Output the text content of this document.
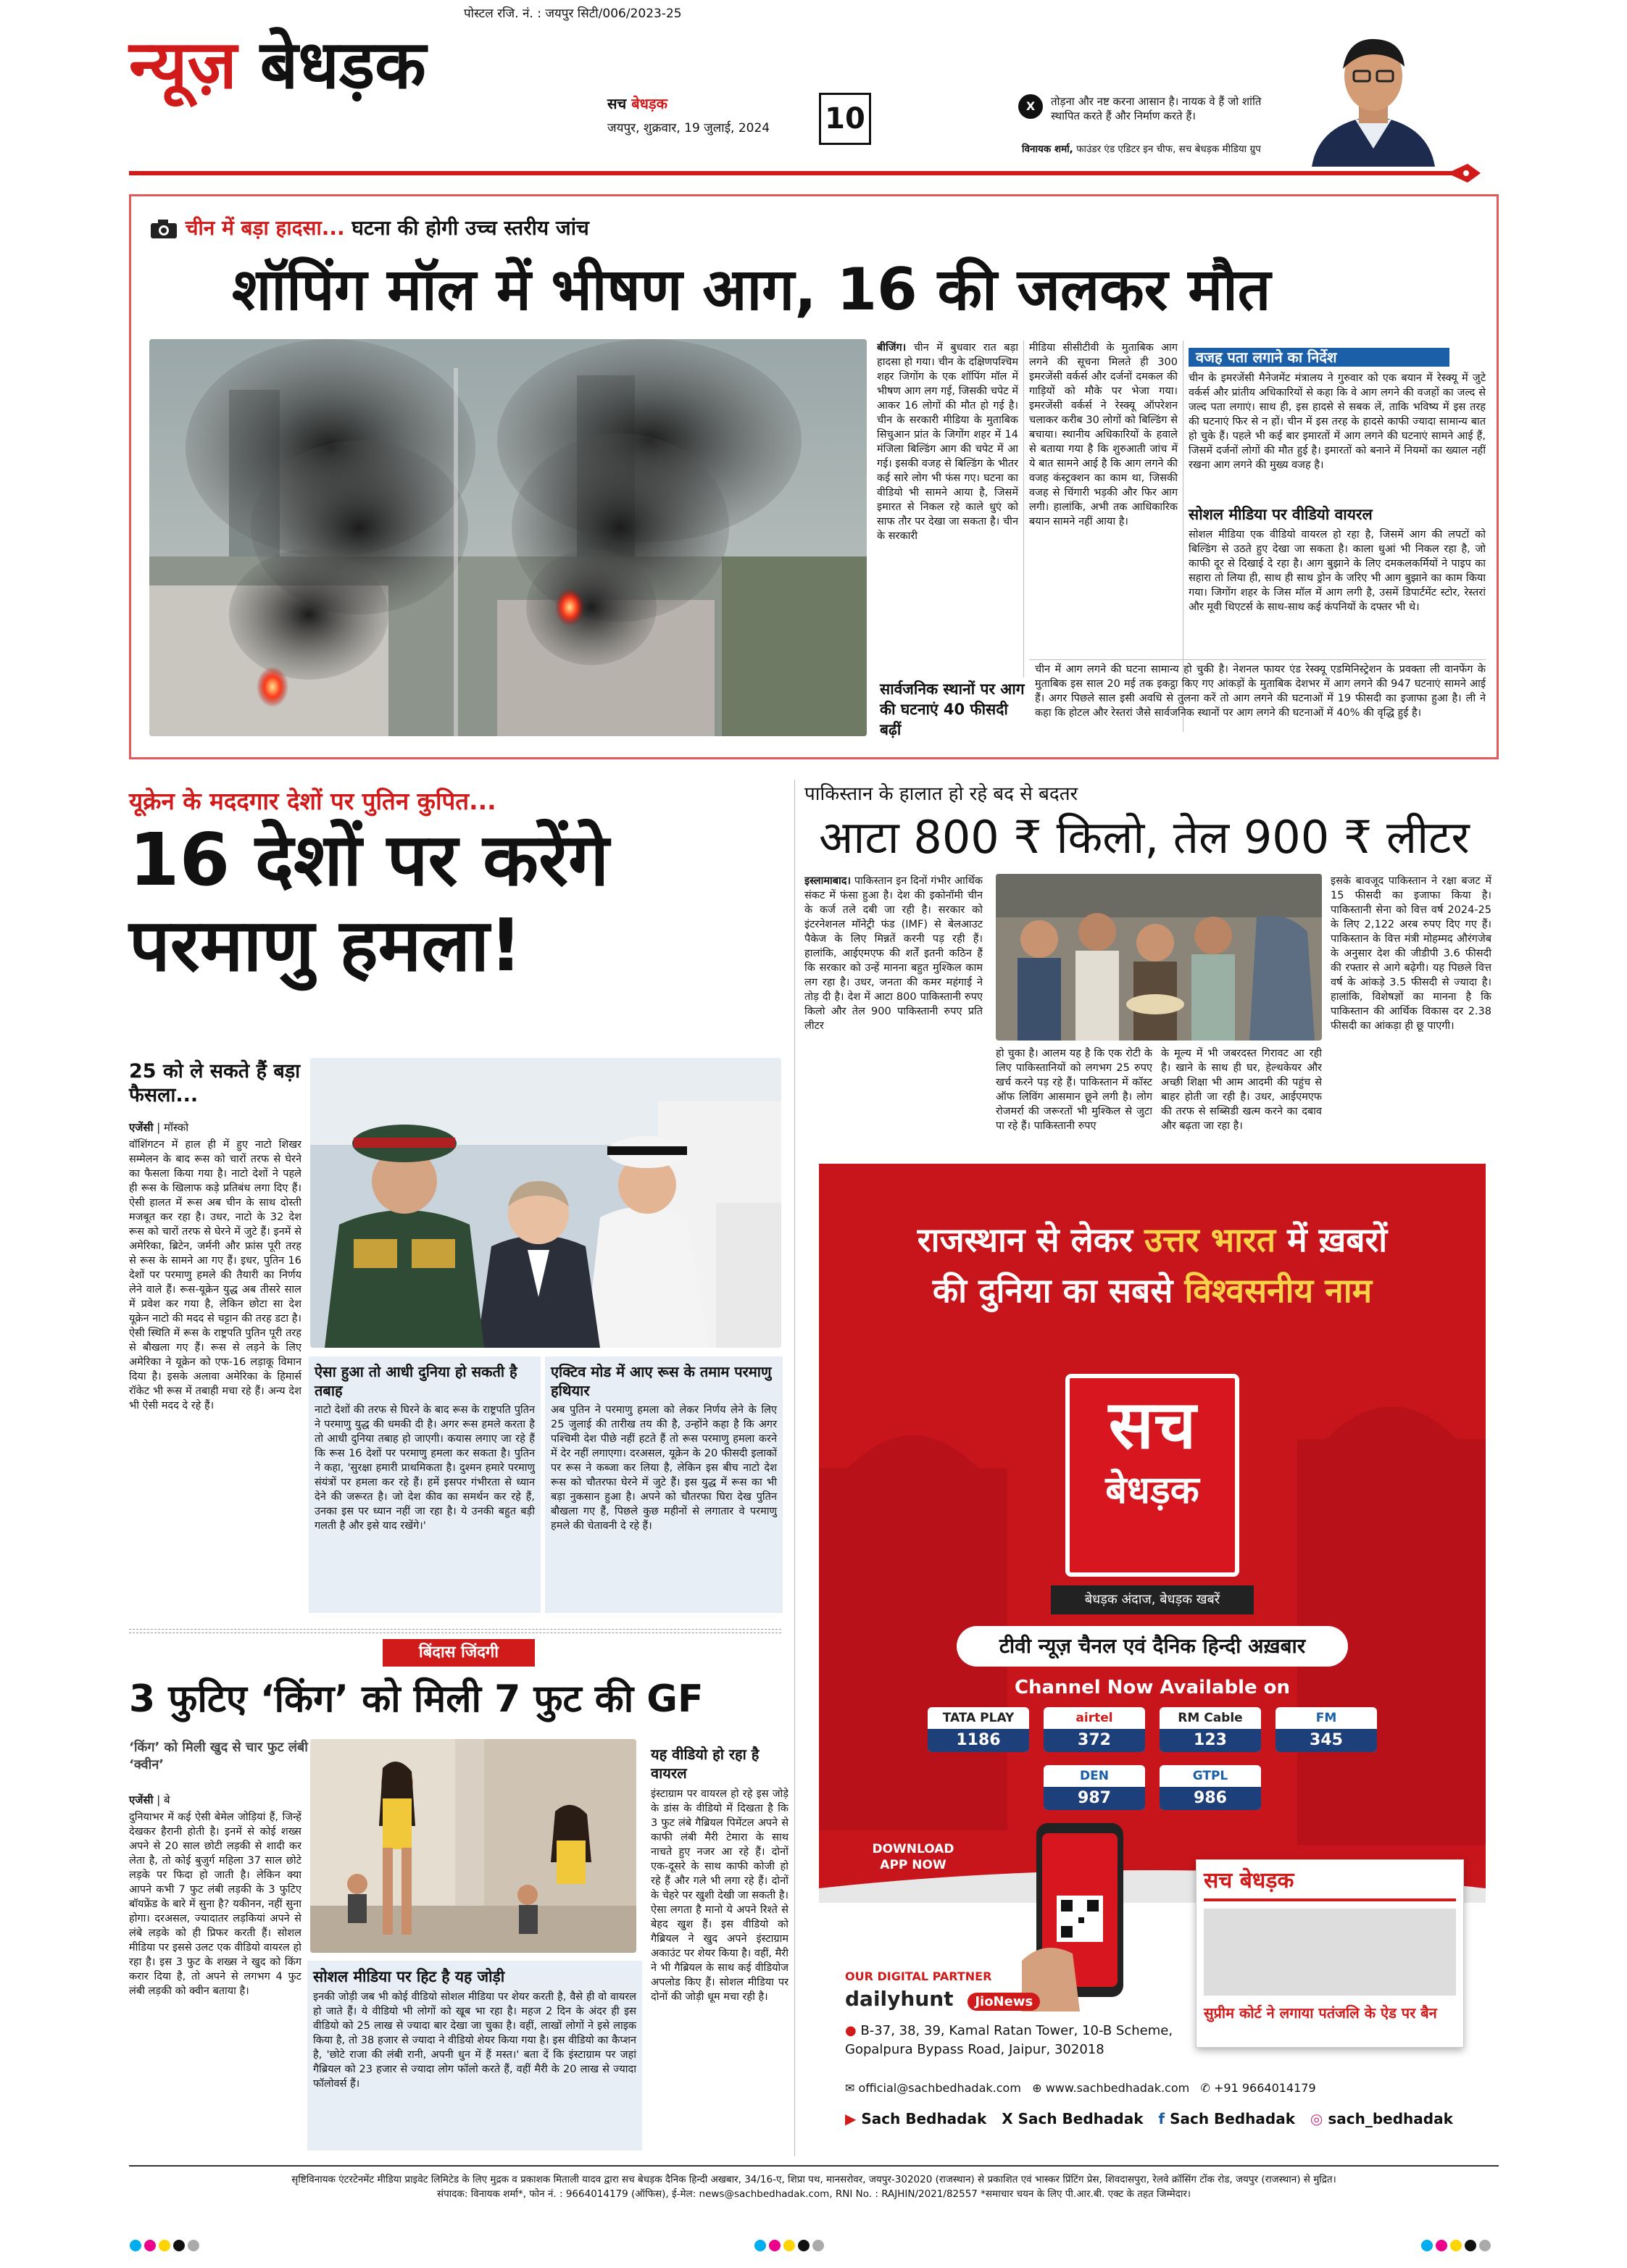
पोस्टल रजि. नं. : जयपुर सिटी/006/2023-25
न्यूज़ बेधड़क	सच बेधड़क
जयपुर, शुक्रवार, 19 जुलाई, 2024	10	X	तोड़ना और नष्ट करना आसान है। नायक वे हैं जो शांति स्थापित करते हैं और निर्माण करते हैं।
विनायक शर्मा, फाउंडर एंड एडिटर इन चीफ, सच बेधड़क मीडिया ग्रुप
चीन में बड़ा हादसा... घटना की होगी उच्च स्तरीय जांच
शॉपिंग मॉल में भीषण आग, 16 की जलकर मौत
बीजिंग। चीन में बुधवार रात बड़ा हादसा हो गया। चीन के दक्षिणपश्चिम शहर जिगोंग के एक शॉपिंग मॉल में भीषण आग लग गई, जिसकी चपेट में आकर 16 लोगों की मौत हो गई है। चीन के सरकारी मीडिया के मुताबिक सिचुआन प्रांत के जिगोंग शहर में 14 मंजिला बिल्डिंग आग की चपेट में आ गई। इसकी वजह से बिल्डिंग के भीतर कई सारे लोग भी फंस गए। घटना का वीडियो भी सामने आया है, जिसमें इमारत से निकल रहे काले धुएं को साफ तौर पर देखा जा सकता है। चीन के सरकारी
मीडिया सीसीटीवी के मुताबिक आग लगने की सूचना मिलते ही 300 इमरजेंसी वर्कर्स और दर्जनों दमकल की गाड़ियों को मौके पर भेजा गया। इमरजेंसी वर्कर्स ने रेस्क्यू ऑपरेशन चलाकर करीब 30 लोगों को बिल्डिंग से बचाया। स्थानीय अधिकारियों के हवाले से बताया गया है कि शुरुआती जांच में ये बात सामने आई है कि आग लगने की वजह कंस्ट्रक्शन का काम था, जिसकी वजह से चिंगारी भड़की और फिर आग लगी। हालांकि, अभी तक आधिकारिक बयान सामने नहीं आया है।
वजह पता लगाने का निर्देश
चीन के इमरजेंसी मैनेजमेंट मंत्रालय ने गुरुवार को एक बयान में रेस्क्यू में जुटे वर्कर्स और प्रांतीय अधिकारियों से कहा कि वे आग लगने की वजहों का जल्द से जल्द पता लगाएं। साथ ही, इस हादसे से सबक लें, ताकि भविष्य में इस तरह की घटनाएं फिर से न हों। चीन में इस तरह के हादसे काफी ज्यादा सामान्य बात हो चुके हैं। पहले भी कई बार इमारतों में आग लगने की घटनाएं सामने आई हैं, जिसमें दर्जनों लोगों की मौत हुई है। इमारतों को बनाने में नियमों का ख्याल नहीं रखना आग लगने की मुख्य वजह है।
सोशल मीडिया पर वीडियो वायरल
सोशल मीडिया एक वीडियो वायरल हो रहा है, जिसमें आग की लपटों को बिल्डिंग से उठते हुए देखा जा सकता है। काला धुआं भी निकल रहा है, जो काफी दूर से दिखाई दे रहा है। आग बुझाने के लिए दमकलकर्मियों ने पाइप का सहारा तो लिया ही, साथ ही साथ ड्रोन के जरिए भी आग बुझाने का काम किया गया। जिगोंग शहर के जिस मॉल में आग लगी है, उसमें डिपार्टमेंट स्टोर, रेस्तरां और मूवी थिएटर्स के साथ-साथ कई कंपनियों के दफ्तर भी थे।
सार्वजनिक स्थानों पर आग की घटनाएं 40 फीसदी बढ़ीं
चीन में आग लगने की घटना सामान्य हो चुकी है। नेशनल फायर एंड रेस्क्यू एडमिनिस्ट्रेशन के प्रवक्ता ली वानफेंग के मुताबिक इस साल 20 मई तक इकट्ठा किए गए आंकड़ों के मुताबिक देशभर में आग लगने की 947 घटनाएं सामने आई हैं। अगर पिछले साल इसी अवधि से तुलना करें तो आग लगने की घटनाओं में 19 फीसदी का इजाफा हुआ है। ली ने कहा कि होटल और रेस्तरां जैसे सार्वजनिक स्थानों पर आग लगने की घटनाओं में 40% की वृद्धि हुई है।
यूक्रेन के मददगार देशों पर पुतिन कुपित...
16 देशों पर करेंगे
परमाणु हमला!
25 को ले सकते हैं बड़ा फैसला...
एजेंसी | मॉस्को
वॉशिंगटन में हाल ही में हुए नाटो शिखर सम्मेलन के बाद रूस को चारों तरफ से घेरने का फैसला किया गया है। नाटो देशों ने पहले ही रूस के खिलाफ कड़े प्रतिबंध लगा दिए हैं। ऐसी हालत में रूस अब चीन के साथ दोस्ती मजबूत कर रहा है। उधर, नाटो के 32 देश रूस को चारों तरफ से घेरने में जुटे हैं। इनमें से अमेरिका, ब्रिटेन, जर्मनी और फ्रांस पूरी तरह से रूस के सामने आ गए हैं। इधर, पुतिन 16 देशों पर परमाणु हमले की तैयारी का निर्णय लेने वाले हैं। रूस-यूक्रेन युद्ध अब तीसरे साल में प्रवेश कर गया है, लेकिन छोटा सा देश यूक्रेन नाटो की मदद से चट्टान की तरह डटा है। ऐसी स्थिति में रूस के राष्ट्रपति पुतिन पूरी तरह से बौखला गए हैं। रूस से लड़ने के लिए अमेरिका ने यूक्रेन को एफ-16 लड़ाकू विमान दिया है। इसके अलावा अमेरिका के हिमार्स रॉकेट भी रूस में तबाही मचा रहे हैं। अन्य देश भी ऐसी मदद दे रहे हैं।
ऐसा हुआ तो आधी दुनिया हो सकती है तबाह
नाटो देशों की तरफ से घिरने के बाद रूस के राष्ट्रपति पुतिन ने परमाणु युद्ध की धमकी दी है। अगर रूस हमले करता है तो आधी दुनिया तबाह हो जाएगी। कयास लगाए जा रहे हैं कि रूस 16 देशों पर परमाणु हमला कर सकता है। पुतिन ने कहा, 'सुरक्षा हमारी प्राथमिकता है। दुश्मन हमारे परमाणु संयंत्रों पर हमला कर रहे हैं। हमें इसपर गंभीरता से ध्यान देने की जरूरत है। जो देश कीव का समर्थन कर रहे हैं, उनका इस पर ध्यान नहीं जा रहा है। ये उनकी बहुत बड़ी गलती है और इसे याद रखेंगे।'
एक्टिव मोड में आए रूस के तमाम परमाणु हथियार
अब पुतिन ने परमाणु हमला को लेकर निर्णय लेने के लिए 25 जुलाई की तारीख तय की है, उन्होंने कहा है कि अगर पश्चिमी देश पीछे नहीं हटते हैं तो रूस परमाणु हमला करने में देर नहीं लगाएगा। दरअसल, यूक्रेन के 20 फीसदी इलाकों पर रूस ने कब्जा कर लिया है, लेकिन इस बीच नाटो देश रूस को चौतरफा घेरने में जुटे हैं। इस युद्ध में रूस का भी बड़ा नुकसान हुआ है। अपने को चौतरफा घिरा देख पुतिन बौखला गए हैं, पिछले कुछ महीनों से लगातार वे परमाणु हमले की चेतावनी दे रहे हैं।
बिंदास जिंदगी
3 फुटिए ‘किंग’ को मिली 7 फुट की GF
‘किंग’ को मिली खुद से चार फुट लंबी ‘क्वीन’
एजेंसी | बे
दुनियाभर में कई ऐसी बेमेल जोड़ियां हैं, जिन्हें देखकर हैरानी होती है। इनमें से कोई शख्स अपने से 20 साल छोटी लड़की से शादी कर लेता है, तो कोई बुजुर्ग महिला 37 साल छोटे लड़के पर फिदा हो जाती है। लेकिन क्या आपने कभी 7 फुट लंबी लड़की के 3 फुटिए बॉयफ्रेंड के बारे में सुना है? यकीनन, नहीं सुना होगा। दरअसल, ज्यादातर लड़कियां अपने से लंबे लड़के को ही प्रिफर करती हैं। सोशल मीडिया पर इससे उलट एक वीडियो वायरल हो रहा है। इस 3 फुट के शख्स ने खुद को किंग करार दिया है, तो अपने से लगभग 4 फुट लंबी लड़की को क्वीन बताया है।
सोशल मीडिया पर हिट है यह जोड़ी
इनकी जोड़ी जब भी कोई वीडियो सोशल मीडिया पर शेयर करती है, वैसे ही वो वायरल हो जाते हैं। ये वीडियो भी लोगों को खूब भा रहा है। महज 2 दिन के अंदर ही इस वीडियो को 25 लाख से ज्यादा बार देखा जा चुका है। वहीं, लाखों लोगों ने इसे लाइक किया है, तो 38 हजार से ज्यादा ने वीडियो शेयर किया गया है। इस वीडियो का कैप्शन है, 'छोटे राजा की लंबी रानी, अपनी धुन में हैं मस्त।' बता दें कि इंस्टाग्राम पर जहां गैब्रियल को 23 हजार से ज्यादा लोग फॉलो करते हैं, वहीं मैरी के 20 लाख से ज्यादा फॉलोवर्स हैं।
यह वीडियो हो रहा है वायरल
इंस्टाग्राम पर वायरल हो रहे इस जोड़े के डांस के वीडियो में दिखता है कि 3 फुट लंबे गैब्रियल पिमेंटल अपने से काफी लंबी मैरी टेमारा के साथ नाचते हुए नजर आ रहे हैं। दोनों एक-दूसरे के साथ काफी कोजी हो रहे हैं और गले भी लगा रहे हैं। दोनों के चेहरे पर खुशी देखी जा सकती है। ऐसा लगता है मानो ये अपने रिश्ते से बेहद खुश हैं। इस वीडियो को गैब्रियल ने खुद अपने इंस्टाग्राम अकाउंट पर शेयर किया है। वहीं, मैरी ने भी गैब्रियल के साथ कई वीडियोज अपलोड किए हैं। सोशल मीडिया पर दोनों की जोड़ी धूम मचा रही है।
पाकिस्तान के हालात हो रहे बद से बदतर
आटा 800 ₹ किलो, तेल 900 ₹ लीटर
इस्लामाबाद। पाकिस्तान इन दिनों गंभीर आर्थिक संकट में फंसा हुआ है। देश की इकोनॉमी चीन के कर्ज तले दबी जा रही है। सरकार को इंटरनेशनल मॉनेट्री फंड (IMF) से बेलआउट पैकेज के लिए मिन्नतें करनी पड़ रही हैं। हालांकि, आईएमएफ की शर्तें इतनी कठिन हैं कि सरकार को उन्हें मानना बहुत मुश्किल काम लग रहा है। उधर, जनता की कमर महंगाई ने तोड़ दी है। देश में आटा 800 पाकिस्तानी रुपए किलो और तेल 900 पाकिस्तानी रुपए प्रति लीटर
हो चुका है। आलम यह है कि एक रोटी के लिए पाकिस्तानियों को लगभग 25 रुपए खर्च करने पड़ रहे हैं। पाकिस्तान में कॉस्ट ऑफ लिविंग आसमान छूने लगी है। लोग रोजमर्रा की जरूरतों भी मुश्किल से जुटा पा रहे हैं। पाकिस्तानी रुपए
के मूल्य में भी जबरदस्त गिरावट आ रही है। खाने के साथ ही घर, हेल्थकेयर और अच्छी शिक्षा भी आम आदमी की पहुंच से बाहर होती जा रही है। उधर, आईएमएफ की तरफ से सब्सिडी खत्म करने का दबाव और बढ़ता जा रहा है।
इसके बावजूद पाकिस्तान ने रक्षा बजट में 15 फीसदी का इजाफा किया है। पाकिस्तानी सेना को वित्त वर्ष 2024-25 के लिए 2,122 अरब रुपए दिए गए हैं। पाकिस्तान के वित्त मंत्री मोहम्मद औरंगजेब के अनुसार देश की जीडीपी 3.6 फीसदी की रफ्तार से आगे बढ़ेगी। यह पिछले वित्त वर्ष के आंकड़े 3.5 फीसदी से ज्यादा है। हालांकि, विशेषज्ञों का मानना है कि पाकिस्तान की आर्थिक विकास दर 2.38 फीसदी का आंकड़ा ही छू पाएगी।
राजस्थान से लेकर उत्तर भारत में ख़बरों
की दुनिया का सबसे विश्वसनीय नाम
सच
बेधड़क
बेधड़क अंदाज, बेधड़क खबरें
टीवी न्यूज़ चैनल एवं दैनिक हिन्दी अख़बार
Channel Now Available on
TATA PLAY
1186
airtel
372
RM Cable
123
FM
345
DEN
987
GTPL
986
DOWNLOAD APP NOW
सच बेधड़क
सुप्रीम कोर्ट ने लगाया पतंजलि के ऐड पर बैन
OUR DIGITAL PARTNER
dailyhunt JioNews
● B-37, 38, 39, Kamal Ratan Tower, 10-B Scheme, Gopalpura Bypass Road, Jaipur, 302018
✉ official@sachbedhadak.com ⊕ www.sachbedhadak.com ✆ +91 9664014179
▶ Sach Bedhadak X Sach Bedhadak f Sach Bedhadak ◎ sach_bedhadak
सृष्टिविनायक एंटरटेनमेंट मीडिया प्राइवेट लिमिटेड के लिए मुद्रक व प्रकाशक मिताली यादव द्वारा सच बेधड़क दैनिक हिन्दी अखबार, 34/16-ए, शिप्रा पथ, मानसरोवर, जयपुर-302020 (राजस्थान) से प्रकाशित एवं भास्कर प्रिंटिंग प्रेस, शिवदासपुरा, रेलवे क्रॉसिंग टोंक रोड, जयपुर (राजस्थान) से मुद्रित।
संपादक: विनायक शर्मा*, फोन नं. : 9664014179 (ऑफिस), ई-मेल: news@sachbedhadak.com, RNI No. : RAJHIN/2021/82557 *समाचार चयन के लिए पी.आर.बी. एक्ट के तहत जिम्मेदार।
